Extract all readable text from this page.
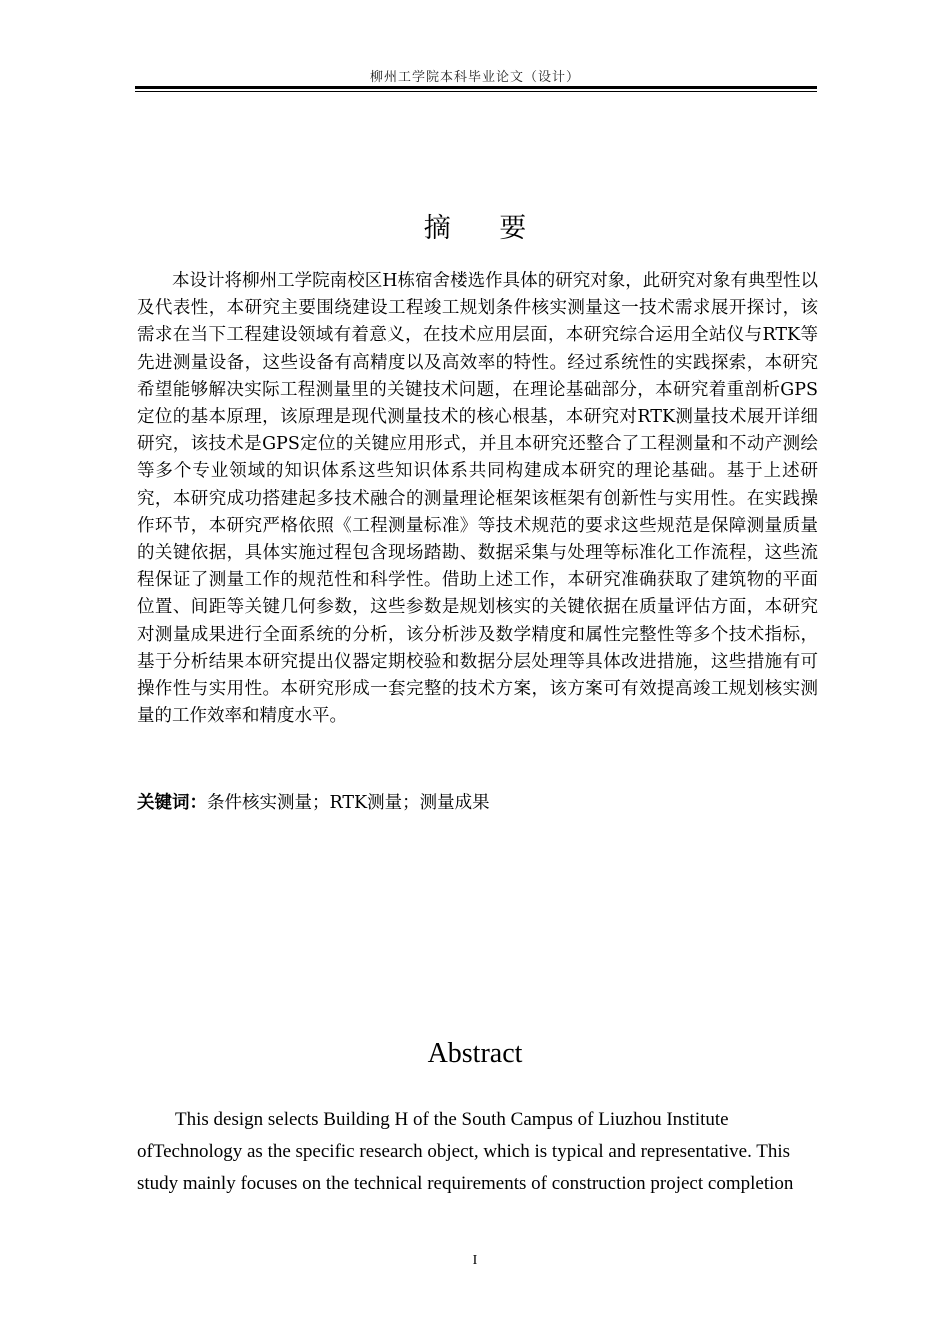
柳州工学院本科毕业论文（设计）
摘 要

本设计将柳州工学院南校区H栋宿舍楼选作具体的研究对象，此研究对象有典型性以及代表性，本研究主要围绕建设工程竣工规划条件核实测量这一技术需求展开探讨，该需求在当下工程建设领域有着意义，在技术应用层面，本研究综合运用全站仪与RTK等先进测量设备，这些设备有高精度以及高效率的特性。经过系统性的实践探索，本研究希望能够解决实际工程测量里的关键技术问题，在理论基础部分，本研究着重剖析GPS定位的基本原理，该原理是现代测量技术的核心根基，本研究对RTK测量技术展开详细研究，该技术是GPS定位的关键应用形式，并且本研究还整合了工程测量和不动产测绘等多个专业领域的知识体系这些知识体系共同构建成本研究的理论基础。基于上述研究，本研究成功搭建起多技术融合的测量理论框架该框架有创新性与实用性。在实践操作环节，本研究严格依照《工程测量标准》等技术规范的要求这些规范是保障测量质量的关键依据，具体实施过程包含现场踏勘、数据采集与处理等标准化工作流程，这些流程保证了测量工作的规范性和科学性。借助上述工作，本研究准确获取了建筑物的平面位置、间距等关键几何参数，这些参数是规划核实的关键依据在质量评估方面，本研究对测量成果进行全面系统的分析，该分析涉及数学精度和属性完整性等多个技术指标，基于分析结果本研究提出仪器定期校验和数据分层处理等具体改进措施，这些措施有可操作性与实用性。本研究形成一套完整的技术方案，该方案可有效提高竣工规划核实测量的工作效率和精度水平。

关键词：条件核实测量；RTK测量；测量成果
Abstract

This design selects Building H of the South Campus of Liuzhou Institute ofTechnology as the specific research object, which is typical and representative. This study mainly focuses on the technical requirements of construction project completion

I
